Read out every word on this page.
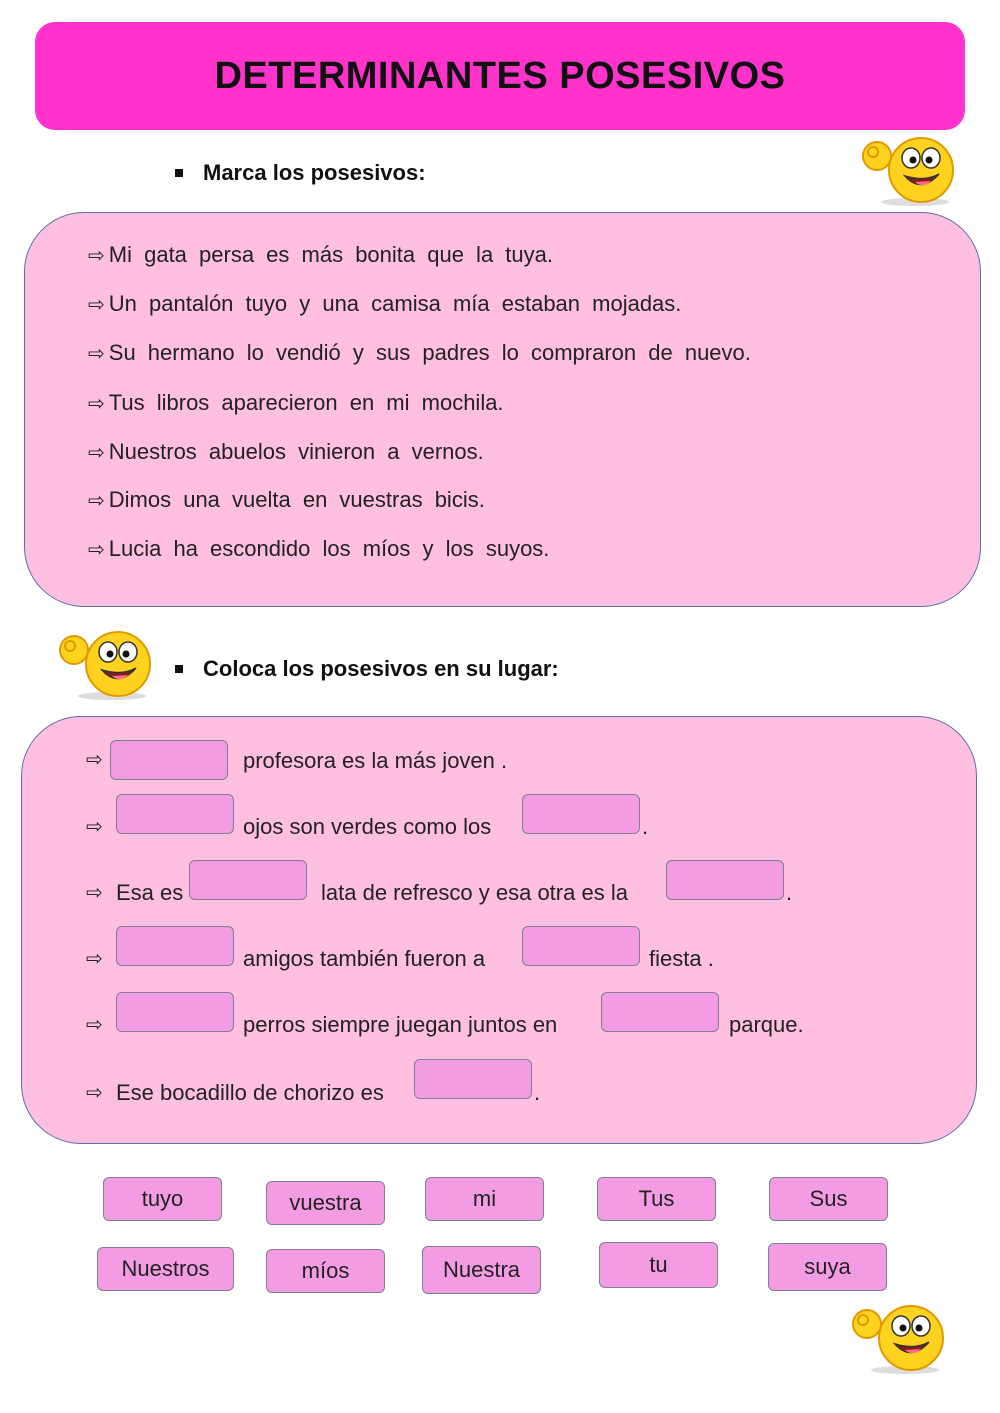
DETERMINANTES POSESIVOS
Marca los posesivos:
⇨ Mi gata persa es más bonita que la tuya.
⇨ Un pantalón tuyo y una camisa mía estaban mojadas.
⇨ Su hermano lo vendió y sus padres lo compraron de nuevo.
⇨ Tus libros aparecieron en mi mochila.
⇨ Nuestros abuelos vinieron a vernos.
⇨ Dimos una vuelta en vuestras bicis.
⇨ Lucia ha escondido los míos y los suyos.
Coloca los posesivos en su lugar:
⇨	profesora es la más joven .
⇨	ojos son verdes como los	.
⇨ Esa es	lata de refresco y esa otra es la	.
⇨	amigos también fueron a	fiesta .
⇨	perros siempre juegan juntos en	parque.
⇨ Ese bocadillo de chorizo es	.
tuyo	vuestra	mi	Tus	Sus
Nuestros	míos	Nuestra	tu	suya
